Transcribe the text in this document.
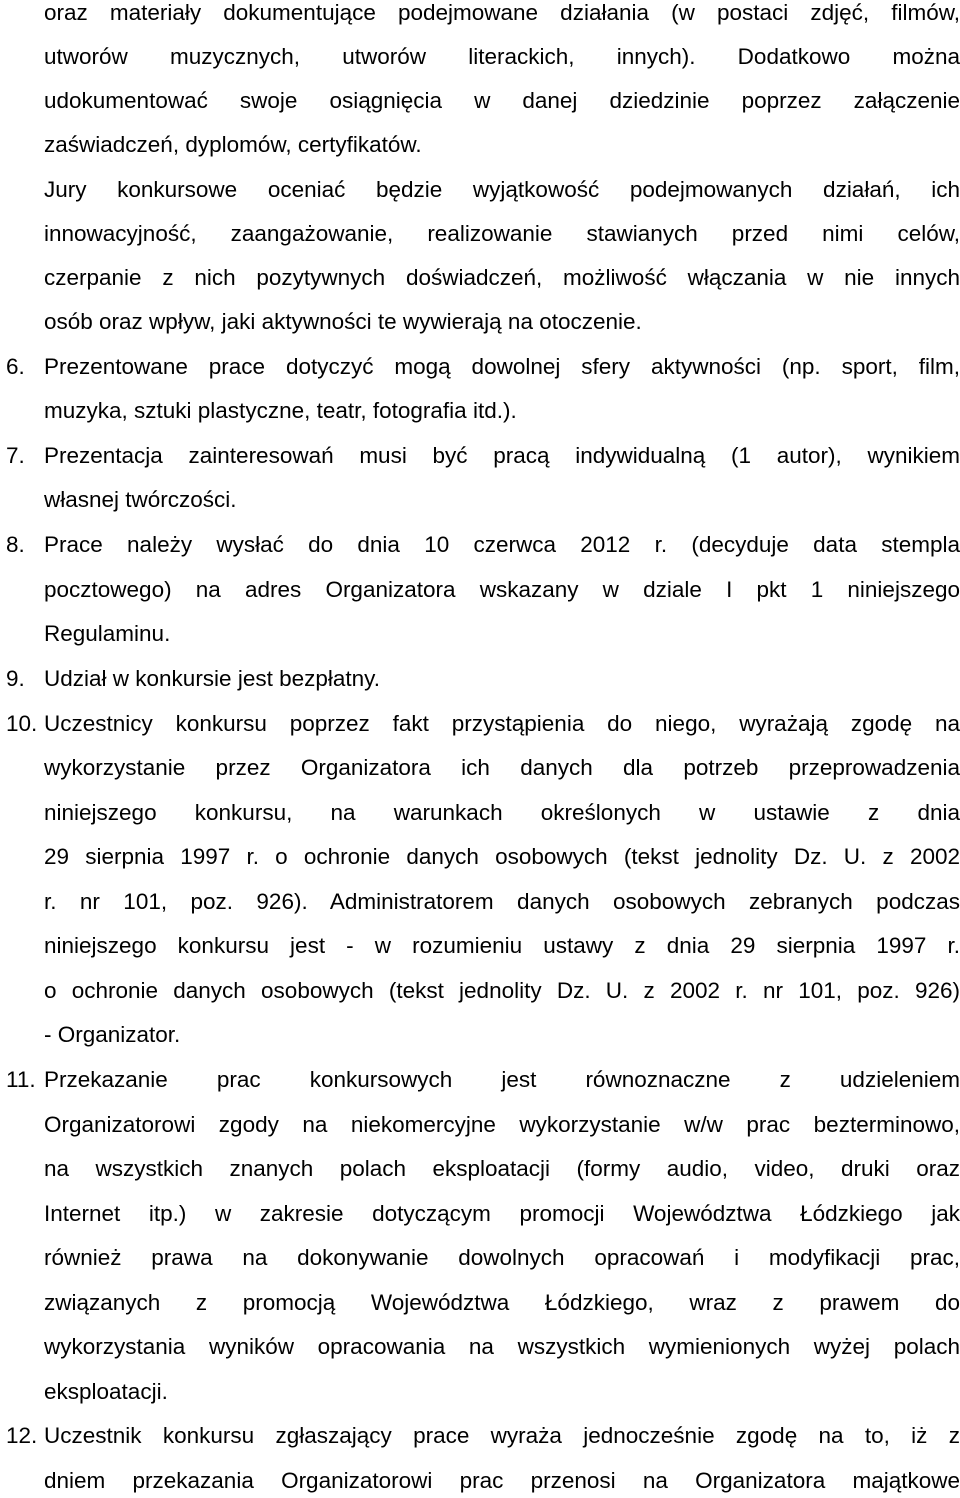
oraz materiały dokumentujące podejmowane działania (w postaci zdjęć, filmów,
utworów muzycznych, utworów literackich, innych). Dodatkowo można
udokumentować swoje osiągnięcia w danej dziedzinie poprzez załączenie
zaświadczeń, dyplomów, certyfikatów.
Jury konkursowe oceniać będzie wyjątkowość podejmowanych działań, ich
innowacyjność, zaangażowanie, realizowanie stawianych przed nimi celów,
czerpanie z nich pozytywnych doświadczeń, możliwość włączania w nie innych
osób oraz wpływ, jaki aktywności te wywierają na otoczenie.
6. Prezentowane prace dotyczyć mogą dowolnej sfery aktywności (np. sport, film,
muzyka, sztuki plastyczne, teatr, fotografia itd.).
7. Prezentacja zainteresowań musi być pracą indywidualną (1 autor), wynikiem
własnej twórczości.
8. Prace należy wysłać do dnia 10 czerwca 2012 r. (decyduje data stempla
pocztowego) na adres Organizatora wskazany w dziale I pkt 1 niniejszego
Regulaminu.
9. Udział w konkursie jest bezpłatny.
10. Uczestnicy konkursu poprzez fakt przystąpienia do niego, wyrażają zgodę na
wykorzystanie przez Organizatora ich danych dla potrzeb przeprowadzenia
niniejszego konkursu, na warunkach określonych w ustawie z dnia
29 sierpnia 1997 r. o ochronie danych osobowych (tekst jednolity Dz. U. z 2002
r. nr 101, poz. 926). Administratorem danych osobowych zebranych podczas
niniejszego konkursu jest - w rozumieniu ustawy z dnia 29 sierpnia 1997 r.
o ochronie danych osobowych (tekst jednolity Dz. U. z 2002 r. nr 101, poz. 926)
- Organizator.
11. Przekazanie prac konkursowych jest równoznaczne z udzieleniem
Organizatorowi zgody na niekomercyjne wykorzystanie w/w prac bezterminowo,
na wszystkich znanych polach eksploatacji (formy audio, video, druki oraz
Internet itp.) w zakresie dotyczącym promocji Województwa Łódzkiego jak
również prawa na dokonywanie dowolnych opracowań i modyfikacji prac,
związanych z promocją Województwa Łódzkiego, wraz z prawem do
wykorzystania wyników opracowania na wszystkich wymienionych wyżej polach
eksploatacji.
12. Uczestnik konkursu zgłaszający prace wyraża jednocześnie zgodę na to, iż z
dniem przekazania Organizatorowi prac przenosi na Organizatora majątkowe
